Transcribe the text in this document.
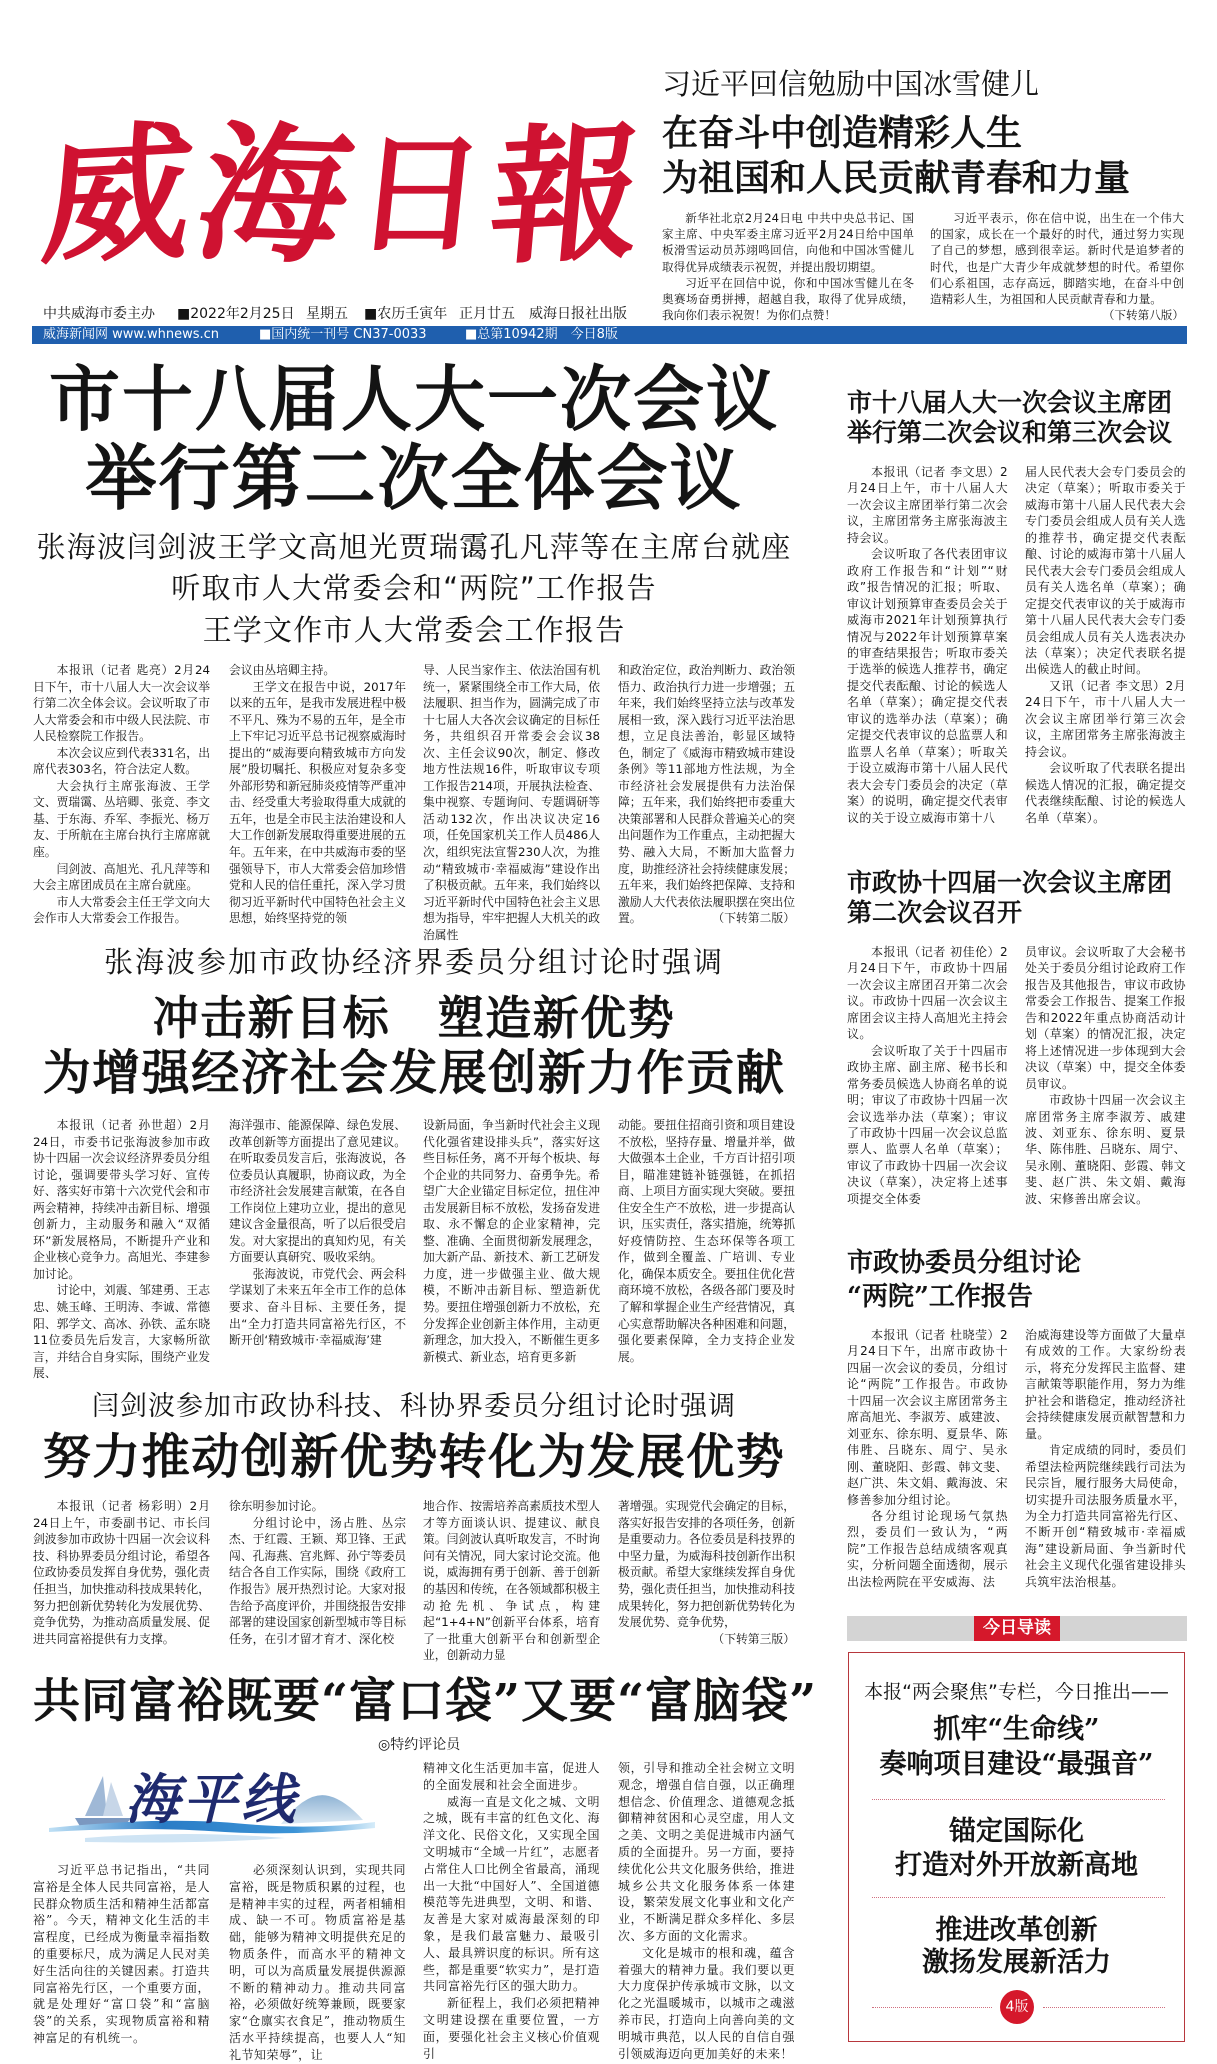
威
海
日
報
中共威海市委主办 ■2022年2月25日 星期五 ■农历壬寅年 正月廿五 威海日报社出版
威海新闻网 www.whnews.cn	■国内统一刊号 CN37-0033	■总第10942期　今日8版
习近平回信勉励中国冰雪健儿
在奋斗中创造精彩人生
为祖国和人民贡献青春和力量

新华社北京2月24日电 中共中央总书记、国家主席、中央军委主席习近平2月24日给中国单板滑雪运动员苏翊鸣回信，向他和中国冰雪健儿取得优异成绩表示祝贺，并提出殷切期望。

习近平在回信中说，你和中国冰雪健儿在冬奥赛场奋勇拼搏，超越自我，取得了优异成绩，我向你们表示祝贺！为你们点赞！

习近平表示，你在信中说，出生在一个伟大的国家，成长在一个最好的时代，通过努力实现了自己的梦想，感到很幸运。新时代是追梦者的时代，也是广大青少年成就梦想的时代。希望你们心系祖国，志存高远，脚踏实地，在奋斗中创造精彩人生，为祖国和人民贡献青春和力量。

（下转第八版）
市十八届人大一次会议
举行第二次全体会议
张海波闫剑波王学文高旭光贾瑞霭孔凡萍等在主席台就座
听取市人大常委会和“两院”工作报告
王学文作市人大常委会工作报告

本报讯（记者 匙亮）2月24日下午，市十八届人大一次会议举行第二次全体会议。会议听取了市人大常委会和市中级人民法院、市人民检察院工作报告。

本次会议应到代表331名，出席代表303名，符合法定人数。

大会执行主席张海波、王学文、贾瑞霭、丛培卿、张竞、李文基、于东海、乔军、李振光、杨万友、于所航在主席台执行主席席就座。

闫剑波、高旭光、孔凡萍等和大会主席团成员在主席台就座。

市人大常委会主任王学文向大会作市人大常委会工作报告。

会议由丛培卿主持。

王学文在报告中说，2017年以来的五年，是我市发展进程中极不平凡、殊为不易的五年，是全市上下牢记习近平总书记视察威海时提出的“威海要向精致城市方向发展”殷切嘱托、积极应对复杂多变外部形势和新冠肺炎疫情等严重冲击、经受重大考验取得重大成就的五年，也是全市民主法治建设和人大工作创新发展取得重要进展的五年。五年来，在中共威海市委的坚强领导下，市人大常委会倍加珍惜党和人民的信任重托，深入学习贯彻习近平新时代中国特色社会主义思想，始终坚持党的领

导、人民当家作主、依法治国有机统一，紧紧围绕全市工作大局，依法履职、担当作为，圆满完成了市十七届人大各次会议确定的目标任务，共组织召开常委会会议38次、主任会议90次，制定、修改地方性法规16件，听取审议专项工作报告214项，开展执法检查、集中视察、专题询问、专题调研等活动132次，作出决议决定16项，任免国家机关工作人员486人次，组织宪法宣誓230人次，为推动“精致城市·幸福威海”建设作出了积极贡献。五年来，我们始终以习近平新时代中国特色社会主义思想为指导，牢牢把握人大机关的政治属性

和政治定位，政治判断力、政治领悟力、政治执行力进一步增强；五年来，我们始终坚持立法与改革发展相一致，深入践行习近平法治思想，立足良法善治，彰显区域特色，制定了《威海市精致城市建设条例》等11部地方性法规，为全市经济社会发展提供有力法治保障；五年来，我们始终把市委重大决策部署和人民群众普遍关心的突出问题作为工作重点，主动把握大势、融入大局，不断加大监督力度，助推经济社会持续健康发展；五年来，我们始终把保障、支持和激励人大代表依法履职摆在突出位置。	（下转第二版）
张海波参加市政协经济界委员分组讨论时强调
冲击新目标　塑造新优势
为增强经济社会发展创新力作贡献

本报讯（记者 孙世超）2月24日，市委书记张海波参加市政协十四届一次会议经济界委员分组讨论，强调要带头学习好、宣传好、落实好市第十六次党代会和市两会精神，持续冲击新目标、增强创新力，主动服务和融入“双循环”新发展格局，不断提升产业和企业核心竞争力。高旭光、李建参加讨论。

讨论中，刘震、邹建勇、王志忠、姚玉峰、王明涛、李诚、常德阳、郭学文、高冰、孙铁、孟东晓11位委员先后发言，大家畅所欲言，并结合自身实际，围绕产业发展、

海洋强市、能源保障、绿色发展、改革创新等方面提出了意见建议。在听取委员发言后，张海波说，各位委员认真履职，协商议政，为全市经济社会发展建言献策，在各自工作岗位上建功立业，提出的意见建议含金量很高，听了以后很受启发。对大家提出的真知灼见，有关方面要认真研究、吸收采纳。

张海波说，市党代会、两会科学谋划了未来五年全市工作的总体要求、奋斗目标、主要任务，提出“全力打造共同富裕先行区，不断开创‘精致城市·幸福威海’建

设新局面，争当新时代社会主义现代化强省建设排头兵”，落实好这些目标任务，离不开每个板块、每个企业的共同努力、奋勇争先。希望广大企业锚定目标定位，扭住冲击发展新目标不放松，发扬奋发进取、永不懈怠的企业家精神，完整、准确、全面贯彻新发展理念，加大新产品、新技术、新工艺研发力度，进一步做强主业、做大规模，不断冲击新目标、塑造新优势。要扭住增强创新力不放松，充分发挥企业创新主体作用，主动更新理念，加大投入，不断催生更多新模式、新业态，培育更多新

动能。要扭住招商引资和项目建设不放松，坚持存量、增量并举，做大做强本土企业，千方百计招引项目，瞄准建链补链强链，在抓招商、上项目方面实现大突破。要扭住安全生产不放松，进一步提高认识，压实责任，落实措施，统筹抓好疫情防控、生态环保等各项工作，做到全覆盖、广培训、专业化，确保本质安全。要扭住优化营商环境不放松，各级各部门要及时了解和掌握企业生产经营情况，真心实意帮助解决各种困难和问题，强化要素保障，全力支持企业发展。

闫剑波参加市政协科技、科协界委员分组讨论时强调
努力推动创新优势转化为发展优势

本报讯（记者 杨彩明）2月24日上午，市委副书记、市长闫剑波参加市政协十四届一次会议科技、科协界委员分组讨论，希望各位政协委员发挥自身优势，强化责任担当，加快推动科技成果转化，努力把创新优势转化为发展优势、竞争优势，为推动高质量发展、促进共同富裕提供有力支撑。

徐东明参加讨论。

分组讨论中，汤占胜、丛宗杰、于红霞、王颖、郑卫锋、王武闯、孔海燕、宫兆辉、孙宁等委员结合各自工作实际，围绕《政府工作报告》展开热烈讨论。大家对报告给予高度评价，并围绕报告安排部署的建设国家创新型城市等目标任务，在引才留才育才、深化校

地合作、按需培养高素质技术型人才等方面谈认识、提建议、献良策。闫剑波认真听取发言，不时询问有关情况，同大家讨论交流。他说，威海拥有勇于创新、善于创新的基因和传统，在各领域都积极主动抢先机、争试点，构建起“1+4+N”创新平台体系，培育了一批重大创新平台和创新型企业，创新动力显

著增强。实现党代会确定的目标，落实好报告安排的各项任务，创新是重要动力。各位委员是科技界的中坚力量，为威海科技创新作出积极贡献。希望大家继续发挥自身优势，强化责任担当，加快推动科技成果转化，努力把创新优势转化为发展优势、竞争优势，

（下转第三版）
共同富裕既要“富口袋”又要“富脑袋”
◎特约评论员
海平线

习近平总书记指出，“共同富裕是全体人民共同富裕，是人民群众物质生活和精神生活都富裕”。今天，精神文化生活的丰富程度，已经成为衡量幸福指数的重要标尺，成为满足人民对美好生活向往的关键因素。打造共同富裕先行区，一个重要方面，就是处理好“富口袋”和“富脑袋”的关系，实现物质富裕和精神富足的有机统一。

必须深刻认识到，实现共同富裕，既是物质积累的过程，也是精神丰实的过程，两者相辅相成、缺一不可。物质富裕是基础，能够为精神文明提供充足的物质条件，而高水平的精神文明，可以为高质量发展提供源源不断的精神动力。推动共同富裕，必须做好统筹兼顾，既要家家“仓廪实衣食足”，推动物质生活水平持续提高，也要人人“知礼节知荣辱”，让

精神文化生活更加丰富，促进人的全面发展和社会全面进步。

威海一直是文化之城、文明之城，既有丰富的红色文化、海洋文化、民俗文化，又实现全国文明城市“全域一片红”，志愿者占常住人口比例全省最高，涌现出一大批“中国好人”、全国道德模范等先进典型，文明、和谐、友善是大家对威海最深刻的印象，是我们最富魅力、最吸引人、最具辨识度的标识。所有这些，都是重要“软实力”，是打造共同富裕先行区的强大助力。

新征程上，我们必须把精神文明建设摆在重要位置，一方面，要强化社会主义核心价值观引

领，引导和推动全社会树立文明观念，增强自信自强，以正确理想信念、价值理念、道德观念抵御精神贫困和心灵空虚，用人文之美、文明之美促进城市内涵气质的全面提升。另一方面，要持续优化公共文化服务供给，推进城乡公共文化服务体系一体建设，繁荣发展文化事业和文化产业，不断满足群众多样化、多层次、多方面的文化需求。

文化是城市的根和魂，蕴含着强大的精神力量。我们要以更大力度保护传承城市文脉，以文化之光温暖城市，以城市之魂滋养市民，打造向上向善向美的文明城市典范，以人民的自信自强引领威海迈向更加美好的未来！

市十八届人大一次会议主席团
举行第二次会议和第三次会议

本报讯（记者 李文思）2月24日上午，市十八届人大一次会议主席团举行第二次会议，主席团常务主席张海波主持会议。

会议听取了各代表团审议政府工作报告和“计划”“财政”报告情况的汇报；听取、审议计划预算审查委员会关于威海市2021年计划预算执行情况与2022年计划预算草案的审查结果报告；听取市委关于选举的候选人推荐书，确定提交代表酝酿、讨论的候选人名单（草案）；确定提交代表审议的选举办法（草案）；确定提交代表审议的总监票人和监票人名单（草案）；听取关于设立威海市第十八届人民代表大会专门委员会的决定（草案）的说明，确定提交代表审议的关于设立威海市第十八

届人民代表大会专门委员会的决定（草案）；听取市委关于威海市第十八届人民代表大会专门委员会组成人员有关人选的推荐书，确定提交代表酝酿、讨论的威海市第十八届人民代表大会专门委员会组成人员有关人选名单（草案）；确定提交代表审议的关于威海市第十八届人民代表大会专门委员会组成人员有关人选表决办法（草案）；决定代表联名提出候选人的截止时间。

又讯（记者 李文思）2月24日下午，市十八届人大一次会议主席团举行第三次会议，主席团常务主席张海波主持会议。

会议听取了代表联名提出候选人情况的汇报，确定提交代表继续酝酿、讨论的候选人名单（草案）。

市政协十四届一次会议主席团
第二次会议召开

本报讯（记者 初佳伦）2月24日下午，市政协十四届一次会议主席团召开第二次会议。市政协十四届一次会议主席团会议主持人高旭光主持会议。

会议听取了关于十四届市政协主席、副主席、秘书长和常务委员候选人协商名单的说明；审议了市政协十四届一次会议选举办法（草案）；审议了市政协十四届一次会议总监票人、监票人名单（草案）；审议了市政协十四届一次会议决议（草案），决定将上述事项提交全体委

员审议。会议听取了大会秘书处关于委员分组讨论政府工作报告及其他报告，审议市政协常委会工作报告、提案工作报告和2022年重点协商活动计划（草案）的情况汇报，决定将上述情况进一步体现到大会决议（草案）中，提交全体委员审议。

市政协十四届一次会议主席团常务主席李淑芳、戚建波、刘亚东、徐东明、夏景华、陈伟胜、吕晓东、周宁、吴永刚、董晓阳、彭霞、韩文斐、赵广洪、朱文娟、戴海波、宋修善出席会议。

市政协委员分组讨论
“两院”工作报告

本报讯（记者 杜晓莹）2月24日下午，出席市政协十四届一次会议的委员，分组讨论“两院”工作报告。市政协十四届一次会议主席团常务主席高旭光、李淑芳、戚建波、刘亚东、徐东明、夏景华、陈伟胜、吕晓东、周宁、吴永刚、董晓阳、彭霞、韩文斐、赵广洪、朱文娟、戴海波、宋修善参加分组讨论。

各分组讨论现场气氛热烈，委员们一致认为，“两院”工作报告总结成绩客观真实，分析问题全面透彻，展示出法检两院在平安威海、法

治威海建设等方面做了大量卓有成效的工作。大家纷纷表示，将充分发挥民主监督、建言献策等职能作用，努力为维护社会和谐稳定，推动经济社会持续健康发展贡献智慧和力量。

肯定成绩的同时，委员们希望法检两院继续践行司法为民宗旨，履行服务大局使命，切实提升司法服务质量水平，为全力打造共同富裕先行区、不断开创“精致城市·幸福威海”建设新局面、争当新时代社会主义现代化强省建设排头兵筑牢法治根基。

今日导读
本报“两会聚焦”专栏，今日推出——
抓牢“生命线”
奏响项目建设“最强音”
锚定国际化
打造对外开放新高地
推进改革创新
激扬发展新活力
4版
